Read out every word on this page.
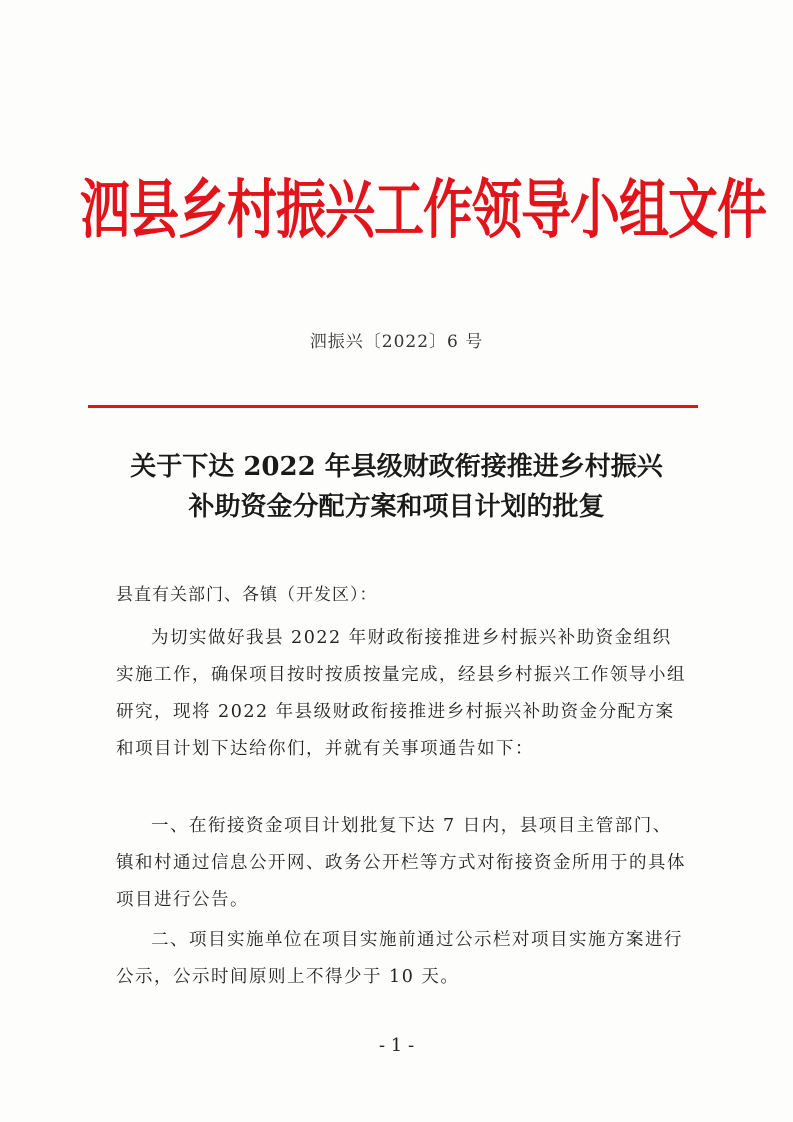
泗县乡村振兴工作领导小组文件
泗振兴〔2022〕6 号
关于下达 2022 年县级财政衔接推进乡村振兴
补助资金分配方案和项目计划的批复
县直有关部门、各镇（开发区）：
为切实做好我县 2022 年财政衔接推进乡村振兴补助资金组织实施工作，确保项目按时按质按量完成，经县乡村振兴工作领导小组研究，现将 2022 年县级财政衔接推进乡村振兴补助资金分配方案和项目计划下达给你们，并就有关事项通告如下：
一、在衔接资金项目计划批复下达 7 日内，县项目主管部门、镇和村通过信息公开网、政务公开栏等方式对衔接资金所用于的具体项目进行公告。
二、项目实施单位在项目实施前通过公示栏对项目实施方案进行公示，公示时间原则上不得少于 10 天。
- 1 -
